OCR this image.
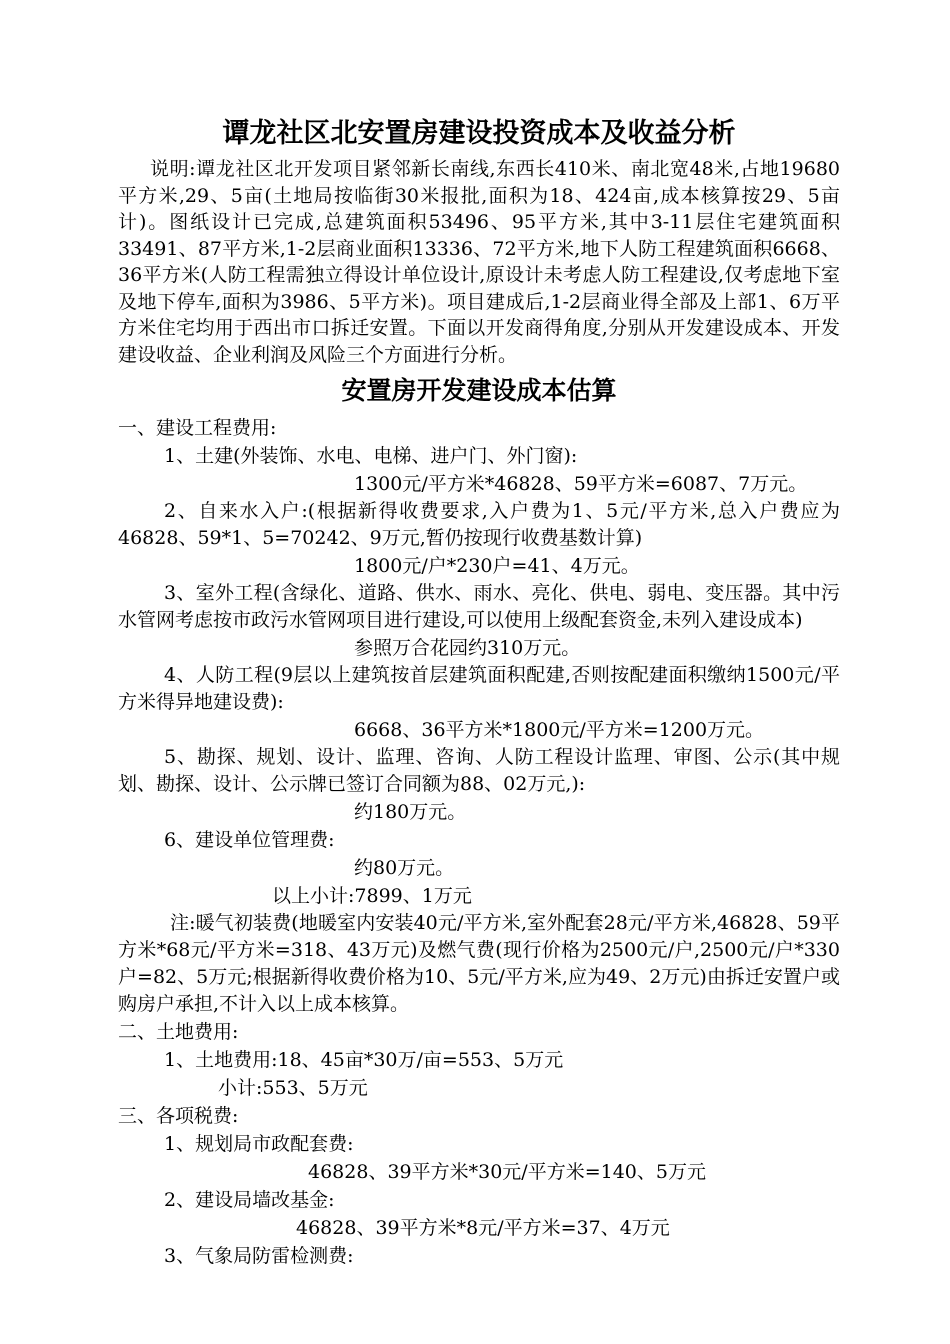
谭龙社区北安置房建设投资成本及收益分析

说明:谭龙社区北开发项目紧邻新长南线,东西长410米、南北宽48米,占地19680平方米,29、5亩(土地局按临街30米报批,面积为18、424亩,成本核算按29、5亩计)。图纸设计已完成,总建筑面积53496、95平方米,其中3-11层住宅建筑面积33491、87平方米,1-2层商业面积13336、72平方米,地下人防工程建筑面积6668、36平方米(人防工程需独立得设计单位设计,原设计未考虑人防工程建设,仅考虑地下室及地下停车,面积为3986、5平方米)。项目建成后,1-2层商业得全部及上部1、6万平方米住宅均用于西出市口拆迁安置。下面以开发商得角度,分别从开发建设成本、开发建设收益、企业利润及风险三个方面进行分析。

安置房开发建设成本估算

一、建设工程费用:

1、土建(外装饰、水电、电梯、进户门、外门窗):

1300元/平方米*46828、59平方米=6087、7万元。

2、自来水入户:(根据新得收费要求,入户费为1、5元/平方米,总入户费应为46828、59*1、5=70242、9万元,暂仍按现行收费基数计算)

1800元/户*230户=41、4万元。

3、室外工程(含绿化、道路、供水、雨水、亮化、供电、弱电、变压器。其中污水管网考虑按市政污水管网项目进行建设,可以使用上级配套资金,未列入建设成本)

参照万合花园约310万元。

4、人防工程(9层以上建筑按首层建筑面积配建,否则按配建面积缴纳1500元/平方米得异地建设费):

6668、36平方米*1800元/平方米=1200万元。

5、勘探、规划、设计、监理、咨询、人防工程设计监理、审图、公示(其中规划、勘探、设计、公示牌已签订合同额为88、02万元,):

约180万元。

6、建设单位管理费:

约80万元。

以上小计:7899、1万元

注:暖气初装费(地暖室内安装40元/平方米,室外配套28元/平方米,46828、59平方米*68元/平方米=318、43万元)及燃气费(现行价格为2500元/户,2500元/户*330户=82、5万元;根据新得收费价格为10、5元/平方米,应为49、2万元)由拆迁安置户或购房户承担,不计入以上成本核算。

二、土地费用:

1、土地费用:18、45亩*30万/亩=553、5万元

小计:553、5万元

三、各项税费:

1、规划局市政配套费:

46828、39平方米*30元/平方米=140、5万元

2、建设局墙改基金:

46828、39平方米*8元/平方米=37、4万元

3、气象局防雷检测费:
